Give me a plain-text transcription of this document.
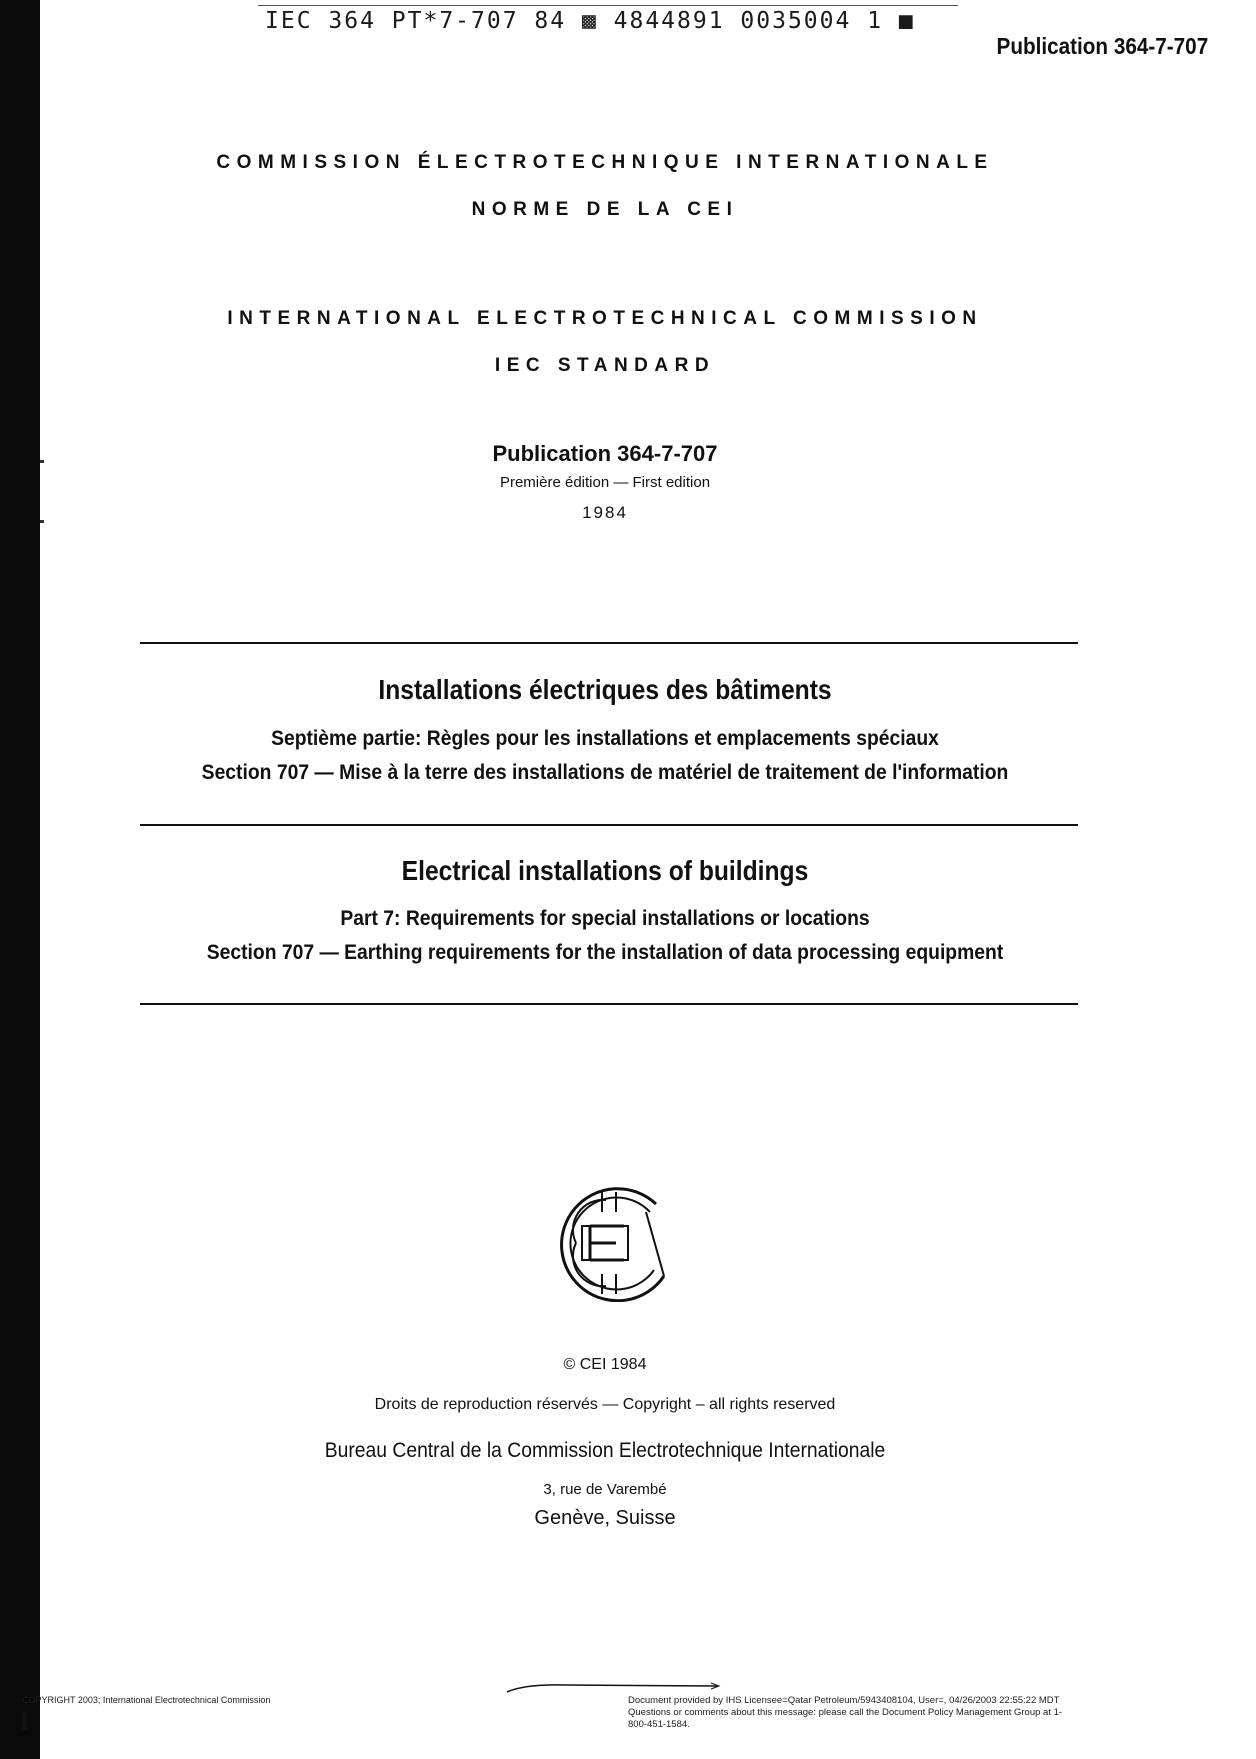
IEC 364 PT*7-707 84 ▩ 4844891 0035004 1 ■
Publication 364-7-707
COMMISSION ÉLECTROTECHNIQUE INTERNATIONALE
NORME DE LA CEI
INTERNATIONAL ELECTROTECHNICAL COMMISSION
IEC STANDARD
Publication 364-7-707
Première édition — First edition
1984
Installations électriques des bâtiments
Septième partie: Règles pour les installations et emplacements spéciaux
Section 707 — Mise à la terre des installations de matériel de traitement de l'information
Electrical installations of buildings
Part 7: Requirements for special installations or locations
Section 707 — Earthing requirements for the installation of data processing equipment
© CEI 1984
Droits de reproduction réservés — Copyright – all rights reserved
Bureau Central de la Commission Electrotechnique Internationale
3, rue de Varembé
Genève, Suisse
COPYRIGHT 2003; International Electrotechnical Commission	Document provided by IHS Licensee=Qatar Petroleum/5943408104, User=, 04/26/2003 22:55:22 MDT Questions or comments about this message: please call the Document Policy Management Group at 1-800-451-1584.
